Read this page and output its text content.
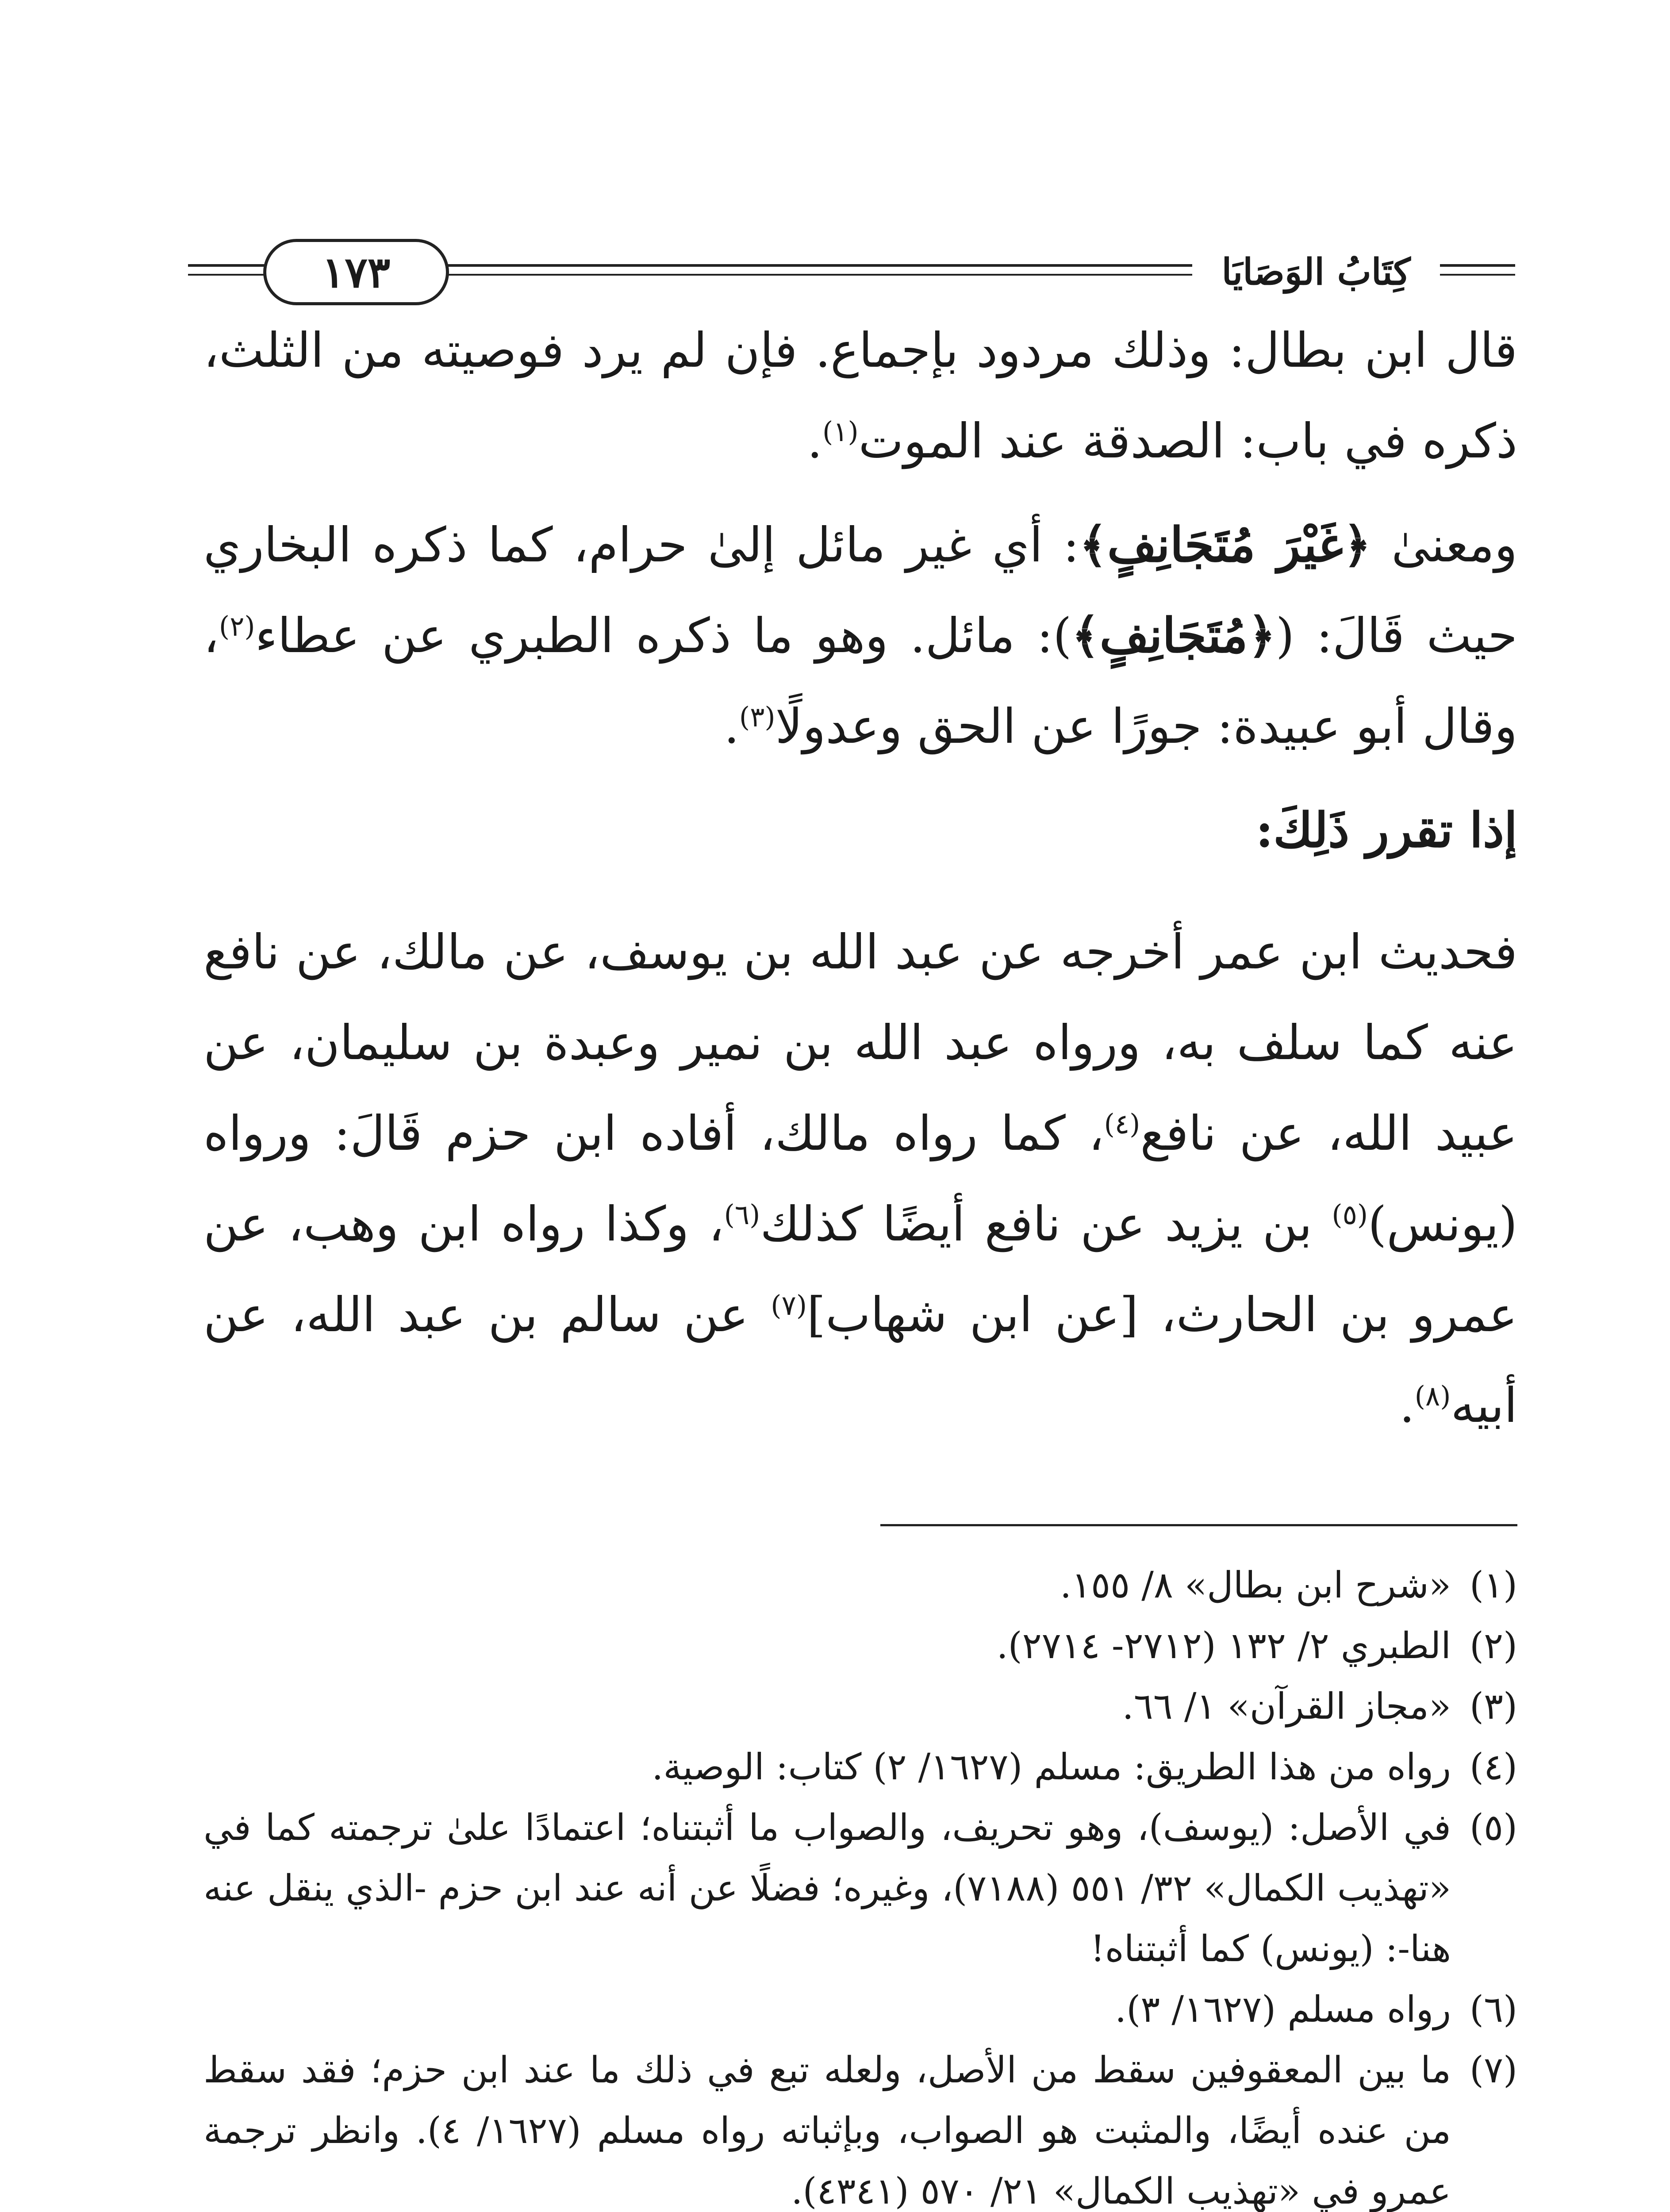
١٧٣	كِتَابُ الوَصَايَا

قال ابن بطال: وذلك مردود بإجماع. فإن لم يرد فوصيته من الثلث، ذكره في باب: الصدقة عند الموت$^{(١)}$.

ومعنىٰ ﴿غَيْرَ مُتَجَانِفٍ﴾: أي غير مائل إلىٰ حرام، كما ذكره البخاري حيث قَالَ: (﴿مُتَجَانِفٍ﴾): مائل. وهو ما ذكره الطبري عن عطاء$^{(٢)}$، وقال أبو عبيدة: جورًا عن الحق وعدولًا$^{(٣)}$.

إذا تقرر ذَلِكَ:

فحديث ابن عمر أخرجه عن عبد الله بن يوسف، عن مالك، عن نافع عنه كما سلف به، ورواه عبد الله بن نمير وعبدة بن سليمان، عن عبيد الله، عن نافع$^{(٤)}$، كما رواه مالك، أفاده ابن حزم قَالَ: ورواه (يونس)$^{(٥)}$ بن يزيد عن نافع أيضًا كذلك$^{(٦)}$، وكذا رواه ابن وهب، عن عمرو بن الحارث، [عن ابن شهاب]$^{(٧)}$ عن سالم بن عبد الله، عن أبيه$^{(٨)}$.

(١)
«شرح ابن بطال» ٨/ ١٥٥.
(٢)
الطبري ٢/ ١٣٢ (٢٧١٢- ٢٧١٤).
(٣)
«مجاز القرآن» ١/ ٦٦.
(٤)
رواه من هذا الطريق: مسلم (١٦٢٧/ ٢) كتاب: الوصية.
(٥)
في الأصل: (يوسف)، وهو تحريف، والصواب ما أثبتناه؛ اعتمادًا علىٰ ترجمته كما في «تهذيب الكمال» ٣٢/ ٥٥١ (٧١٨٨)، وغيره؛ فضلًا عن أنه عند ابن حزم -الذي ينقل عنه هنا-: (يونس) كما أثبتناه!
(٦)
رواه مسلم (١٦٢٧/ ٣).
(٧)
ما بين المعقوفين سقط من الأصل، ولعله تبع في ذلك ما عند ابن حزم؛ فقد سقط من عنده أيضًا، والمثبت هو الصواب، وبإثباته رواه مسلم (١٦٢٧/ ٤). وانظر ترجمة عمرو في «تهذيب الكمال» ٢١/ ٥٧٠ (٤٣٤١).
